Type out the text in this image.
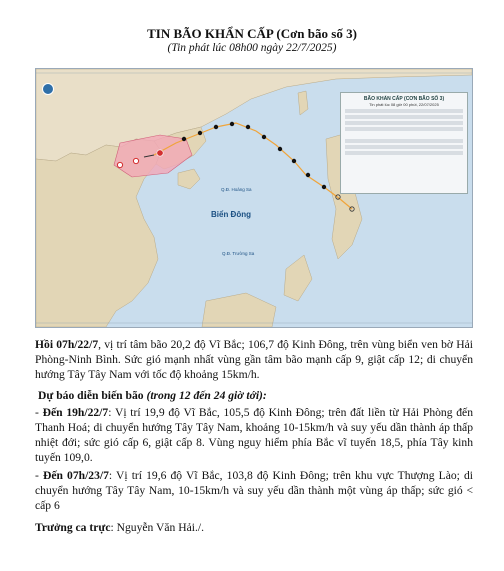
TIN BÃO KHẨN CẤP (Cơn bão số 3)
(Tin phát lúc 08h00 ngày 22/7/2025)

Biển Đông
Q.Đ. Hoàng Sa
Q.Đ. Trường Sa
BÃO KHẨN CẤP (CƠN BÃO SỐ 3)
Tin phát lúc 08 giờ 00 phút, 22/07/2025
Hồi 07h/22/7, vị trí tâm bão 20,2 độ Vĩ Bắc; 106,7 độ Kinh Đông, trên vùng biển ven bờ Hải Phòng-Ninh Bình. Sức gió mạnh nhất vùng gần tâm bão mạnh cấp 9, giật cấp 12; di chuyển hướng Tây Tây Nam với tốc độ khoảng 15km/h.
Dự báo diễn biến bão (trong 12 đến 24 giờ tới):
- Đến 19h/22/7: Vị trí 19,9 độ Vĩ Bắc, 105,5 độ Kinh Đông; trên đất liền từ Hải Phòng đến Thanh Hoá; di chuyển hướng Tây Tây Nam, khoảng 10-15km/h và suy yếu dần thành áp thấp nhiệt đới; sức gió cấp 6, giật cấp 8. Vùng nguy hiểm phía Bắc vĩ tuyến 18,5, phía Tây kinh tuyến 109,0.
- Đến 07h/23/7: Vị trí 19,6 độ Vĩ Bắc, 103,8 độ Kinh Đông; trên khu vực Thượng Lào; di chuyển hướng Tây Tây Nam, 10-15km/h và suy yếu dần thành một vùng áp thấp; sức gió < cấp 6
Trưởng ca trực: Nguyễn Văn Hải./.
